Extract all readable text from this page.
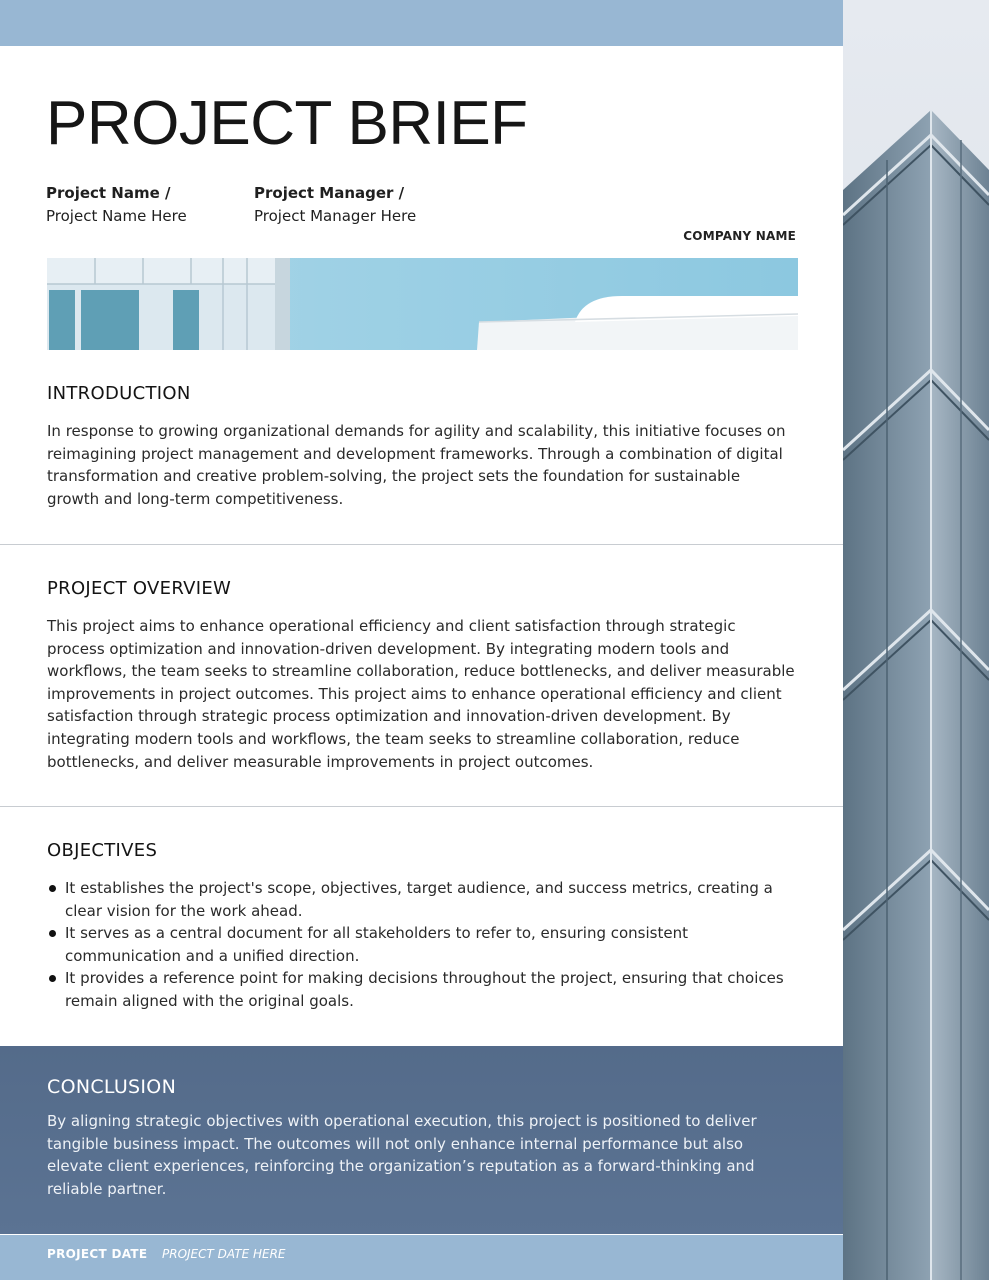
PROJECT BRIEF
Project Name /
Project Name Here
Project Manager /
Project Manager Here
COMPANY NAME
INTRODUCTION

In response to growing organizational demands for agility and scalability, this initiative focuses on reimagining project management and development frameworks. Through a combination of digital transformation and creative problem-solving, the project sets the foundation for sustainable growth and long-term competitiveness.

PROJECT OVERVIEW

This project aims to enhance operational efficiency and client satisfaction through strategic process optimization and innovation-driven development. By integrating modern tools and workflows, the team seeks to streamline collaboration, reduce bottlenecks, and deliver measurable improvements in project outcomes. This project aims to enhance operational efficiency and client satisfaction through strategic process optimization and innovation-driven development. By integrating modern tools and workflows, the team seeks to streamline collaboration, reduce bottlenecks, and deliver measurable improvements in project outcomes.

OBJECTIVES
It establishes the project's scope, objectives, target audience, and success metrics, creating a clear vision for the work ahead.
It serves as a central document for all stakeholders to refer to, ensuring consistent communication and a unified direction.
It provides a reference point for making decisions throughout the project, ensuring that choices remain aligned with the original goals.
CONCLUSION

By aligning strategic objectives with operational execution, this project is positioned to deliver tangible business impact. The outcomes will not only enhance internal performance but also elevate client experiences, reinforcing the organization’s reputation as a forward-thinking and reliable partner.

PROJECT DATE PROJECT DATE HERE
